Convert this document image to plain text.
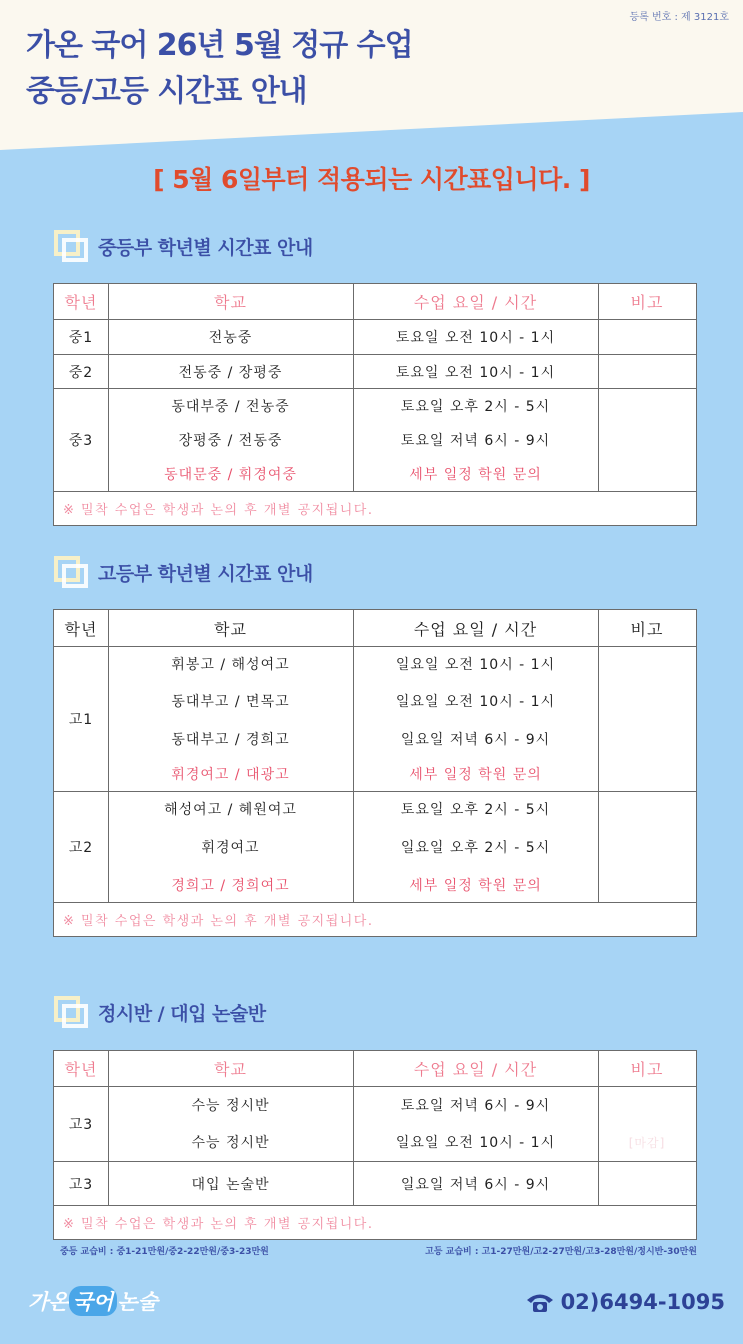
등록 번호 : 제 3121호
가온 국어 26년 5월 정규 수업
중등/고등 시간표 안내
[ 5월 6일부터 적용되는 시간표입니다. ]
중등부 학년별 시간표 안내
학년	학교	수업 요일 / 시간	비고
중1	전농중	토요일 오전 10시 - 1시
중2	전동중 / 장평중	토요일 오전 10시 - 1시
중3
동대부중 / 전농중	토요일 오후 2시 - 5시
장평중 / 전동중	토요일 저녁 6시 - 9시
동대문중 / 휘경여중	세부 일정 학원 문의
※ 밀착 수업은 학생과 논의 후 개별 공지됩니다.
고등부 학년별 시간표 안내
학년	학교	수업 요일 / 시간	비고
고1
휘봉고 / 해성여고	일요일 오전 10시 - 1시
동대부고 / 면목고	일요일 오전 10시 - 1시
동대부고 / 경희고	일요일 저녁 6시 - 9시
휘경여고 / 대광고	세부 일정 학원 문의
고2
해성여고 / 혜원여고	토요일 오후 2시 - 5시
휘경여고	일요일 오후 2시 - 5시
경희고 / 경희여고	세부 일정 학원 문의
※ 밀착 수업은 학생과 논의 후 개별 공지됩니다.
정시반 / 대입 논술반
학년	학교	수업 요일 / 시간	비고
고3
수능 정시반	토요일 저녁 6시 - 9시
수능 정시반	일요일 오전 10시 - 1시	[마감]
고3	대입 논술반	일요일 저녁 6시 - 9시
※ 밀착 수업은 학생과 논의 후 개별 공지됩니다.
중등 교습비 : 중1-21만원/중2-22만원/중3-23만원	고등 교습비 : 고1-27만원/고2-27만원/고3-28만원/정시반-30만원
가온 국어 논술	02)6494-1095
